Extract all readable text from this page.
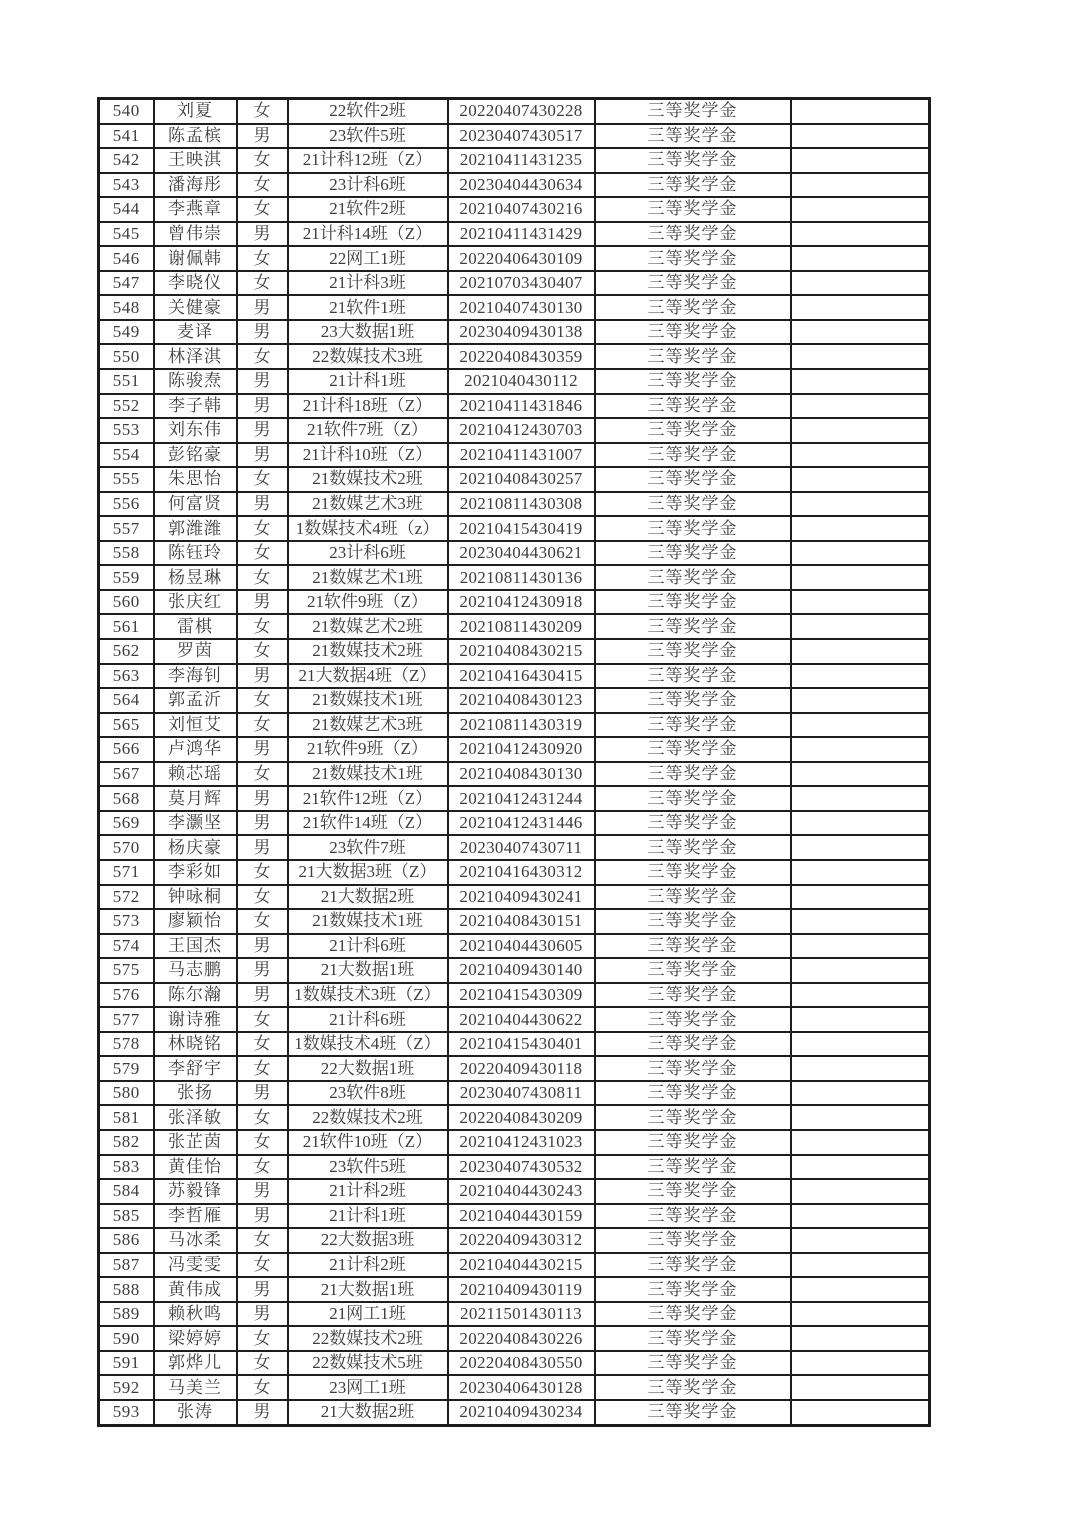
540	刘夏	女	22软件2班	20220407430228	三等奖学金	
541	陈孟槟	男	23软件5班	20230407430517	三等奖学金	
542	王映淇	女	21计科12班（Z）	20210411431235	三等奖学金	
543	潘海彤	女	23计科6班	20230404430634	三等奖学金	
544	李燕章	女	21软件2班	20210407430216	三等奖学金	
545	曾伟崇	男	21计科14班（Z）	20210411431429	三等奖学金	
546	谢佩韩	女	22网工1班	20220406430109	三等奖学金	
547	李晓仪	女	21计科3班	20210703430407	三等奖学金	
548	关健豪	男	21软件1班	20210407430130	三等奖学金	
549	麦译	男	23大数据1班	20230409430138	三等奖学金	
550	林泽淇	女	22数媒技术3班	20220408430359	三等奖学金	
551	陈骏焘	男	21计科1班	2021040430112	三等奖学金	
552	李子韩	男	21计科18班（Z）	20210411431846	三等奖学金	
553	刘东伟	男	21软件7班（Z）	20210412430703	三等奖学金	
554	彭铭豪	男	21计科10班（Z）	20210411431007	三等奖学金	
555	朱思怡	女	21数媒技术2班	20210408430257	三等奖学金	
556	何富贤	男	21数媒艺术3班	20210811430308	三等奖学金	
557	郭潍潍	女	1数媒技术4班（z）	20210415430419	三等奖学金	
558	陈钰玲	女	23计科6班	20230404430621	三等奖学金	
559	杨昱琳	女	21数媒艺术1班	20210811430136	三等奖学金	
560	张庆红	男	21软件9班（Z）	20210412430918	三等奖学金	
561	雷棋	女	21数媒艺术2班	20210811430209	三等奖学金	
562	罗茵	女	21数媒技术2班	20210408430215	三等奖学金	
563	李海钊	男	21大数据4班（Z）	20210416430415	三等奖学金	
564	郭孟沂	女	21数媒技术1班	20210408430123	三等奖学金	
565	刘恒艾	女	21数媒艺术3班	20210811430319	三等奖学金	
566	卢鸿华	男	21软件9班（Z）	20210412430920	三等奖学金	
567	赖芯瑶	女	21数媒技术1班	20210408430130	三等奖学金	
568	莫月辉	男	21软件12班（Z）	20210412431244	三等奖学金	
569	李灏坚	男	21软件14班（Z）	20210412431446	三等奖学金	
570	杨庆豪	男	23软件7班	20230407430711	三等奖学金	
571	李彩如	女	21大数据3班（Z）	20210416430312	三等奖学金	
572	钟咏桐	女	21大数据2班	20210409430241	三等奖学金	
573	廖颖怡	女	21数媒技术1班	20210408430151	三等奖学金	
574	王国杰	男	21计科6班	20210404430605	三等奖学金	
575	马志鹏	男	21大数据1班	20210409430140	三等奖学金	
576	陈尔瀚	男	1数媒技术3班（Z）	20210415430309	三等奖学金	
577	谢诗雅	女	21计科6班	20210404430622	三等奖学金	
578	林晓铭	女	1数媒技术4班（Z）	20210415430401	三等奖学金	
579	李舒宇	女	22大数据1班	20220409430118	三等奖学金	
580	张扬	男	23软件8班	20230407430811	三等奖学金	
581	张泽敏	女	22数媒技术2班	20220408430209	三等奖学金	
582	张芷茵	女	21软件10班（Z）	20210412431023	三等奖学金	
583	黄佳怡	女	23软件5班	20230407430532	三等奖学金	
584	苏毅锋	男	21计科2班	20210404430243	三等奖学金	
585	李哲雁	男	21计科1班	20210404430159	三等奖学金	
586	马冰柔	女	22大数据3班	20220409430312	三等奖学金	
587	冯雯雯	女	21计科2班	20210404430215	三等奖学金	
588	黄伟成	男	21大数据1班	20210409430119	三等奖学金	
589	赖秋鸣	男	21网工1班	20211501430113	三等奖学金	
590	梁婷婷	女	22数媒技术2班	20220408430226	三等奖学金	
591	郭烨儿	女	22数媒技术5班	20220408430550	三等奖学金	
592	马美兰	女	23网工1班	20230406430128	三等奖学金	
593	张涛	男	21大数据2班	20210409430234	三等奖学金	
